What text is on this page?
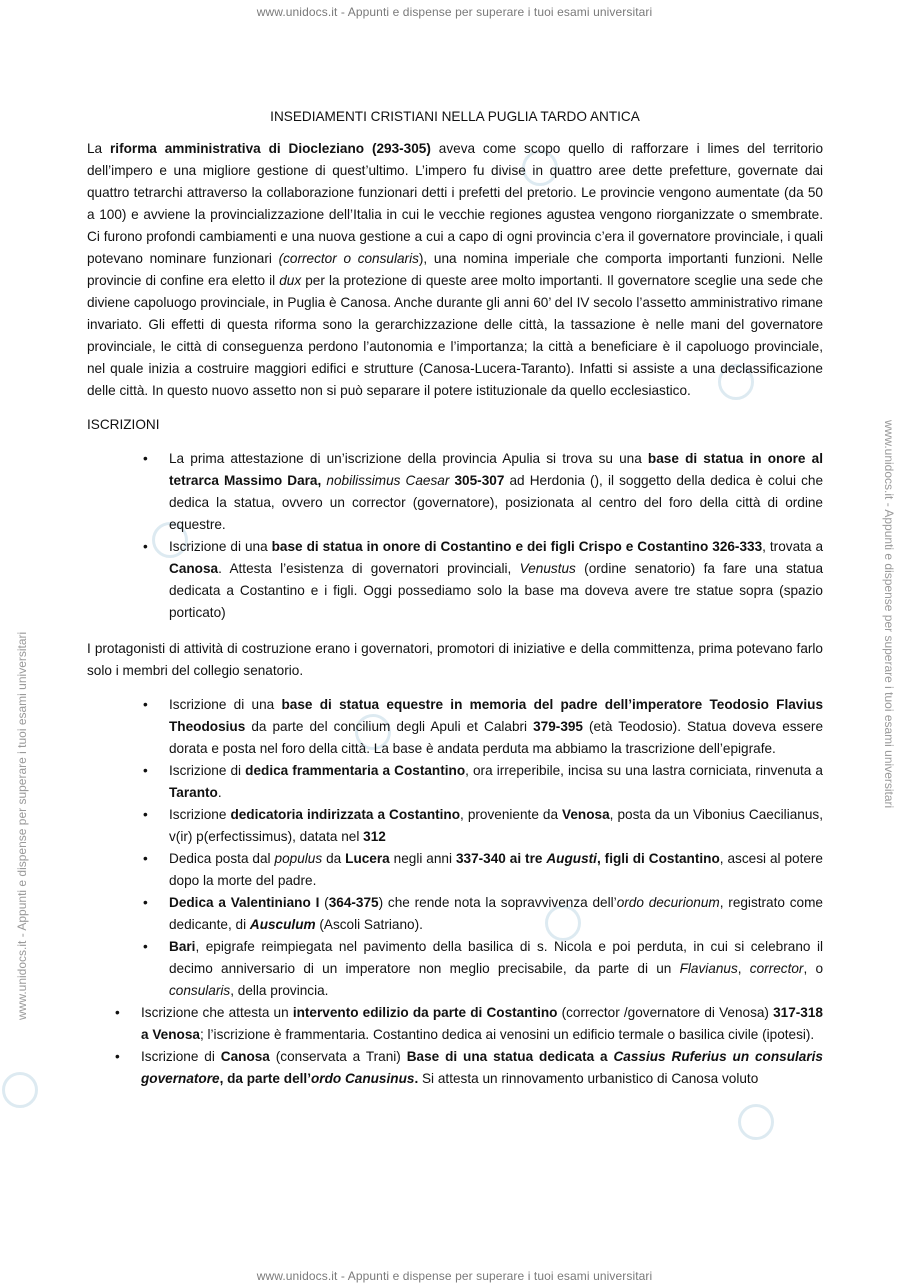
www.unidocs.it - Appunti e dispense per superare i tuoi esami universitari
www.unidocs.it - Appunti e dispense per superare i tuoi esami universitari
www.unidocs.it - Appunti e dispense per superare i tuoi esami universitari
www.unidocs.it - Appunti e dispense per superare i tuoi esami universitari
INSEDIAMENTI CRISTIANI NELLA PUGLIA TARDO ANTICA

La riforma amministrativa di Diocleziano (293-305) aveva come scopo quello di rafforzare i limes del territorio dell’impero e una migliore gestione di quest’ultimo. L’impero fu divise in quattro aree dette prefetture, governate dai quattro tetrarchi attraverso la collaborazione funzionari detti i prefetti del pretorio. Le provincie vengono aumentate (da 50 a 100) e avviene la provincializzazione dell’Italia in cui le vecchie regiones agustea vengono riorganizzate o smembrate. Ci furono profondi cambiamenti e una nuova gestione a cui a capo di ogni provincia c’era il governatore provinciale, i quali potevano nominare funzionari (corrector o consularis), una nomina imperiale che comporta importanti funzioni. Nelle provincie di confine era eletto il dux per la protezione di queste aree molto importanti. Il governatore sceglie una sede che diviene capoluogo provinciale, in Puglia è Canosa. Anche durante gli anni 60’ del IV secolo l’assetto amministrativo rimane invariato. Gli effetti di questa riforma sono la gerarchizzazione delle città, la tassazione è nelle mani del governatore provinciale, le città di conseguenza perdono l’autonomia e l’importanza; la città a beneficiare è il capoluogo provinciale, nel quale inizia a costruire maggiori edifici e strutture (Canosa-Lucera-Taranto). Infatti si assiste a una declassificazione delle città. In questo nuovo assetto non si può separare il potere istituzionale da quello ecclesiastico.

ISCRIZIONI

• La prima attestazione di un’iscrizione della provincia Apulia si trova su una base di statua in onore al tetrarca Massimo Dara, nobilissimus Caesar 305-307 ad Herdonia (), il soggetto della dedica è colui che dedica la statua, ovvero un corrector (governatore), posizionata al centro del foro della città di ordine equestre.
• Iscrizione di una base di statua in onore di Costantino e dei figli Crispo e Costantino 326-333, trovata a Canosa. Attesta l’esistenza di governatori provinciali, Venustus (ordine senatorio) fa fare una statua dedicata a Costantino e i figli. Oggi possediamo solo la base ma doveva avere tre statue sopra (spazio porticato)

I protagonisti di attività di costruzione erano i governatori, promotori di iniziative e della committenza, prima potevano farlo solo i membri del collegio senatorio.

• Iscrizione di una base di statua equestre in memoria del padre dell’imperatore Teodosio Flavius Theodosius da parte del concilium degli Apuli et Calabri 379-395 (età Teodosio). Statua doveva essere dorata e posta nel foro della città. La base è andata perduta ma abbiamo la trascrizione dell’epigrafe.
• Iscrizione di dedica frammentaria a Costantino, ora irreperibile, incisa su una lastra corniciata, rinvenuta a Taranto.
• Iscrizione dedicatoria indirizzata a Costantino, proveniente da Venosa, posta da un Vibonius Caecilianus, v(ir) p(erfectissimus), datata nel 312
• Dedica posta dal populus da Lucera negli anni 337-340 ai tre Augusti, figli di Costantino, ascesi al potere dopo la morte del padre.
• Dedica a Valentiniano I (364-375) che rende nota la sopravvivenza dell’ordo decurionum, registrato come dedicante, di Ausculum (Ascoli Satriano).
• Bari, epigrafe reimpiegata nel pavimento della basilica di s. Nicola e poi perduta, in cui si celebrano il decimo anniversario di un imperatore non meglio precisabile, da parte di un Flavianus, corrector, o consularis, della provincia.
• Iscrizione che attesta un intervento edilizio da parte di Costantino (corrector /governatore di Venosa) 317-318 a Venosa; l’iscrizione è frammentaria. Costantino dedica ai venosini un edificio termale o basilica civile (ipotesi).
• Iscrizione di Canosa (conservata a Trani) Base di una statua dedicata a Cassius Ruferius un consularis governatore, da parte dell’ordo Canusinus. Si attesta un rinnovamento urbanistico di Canosa voluto
